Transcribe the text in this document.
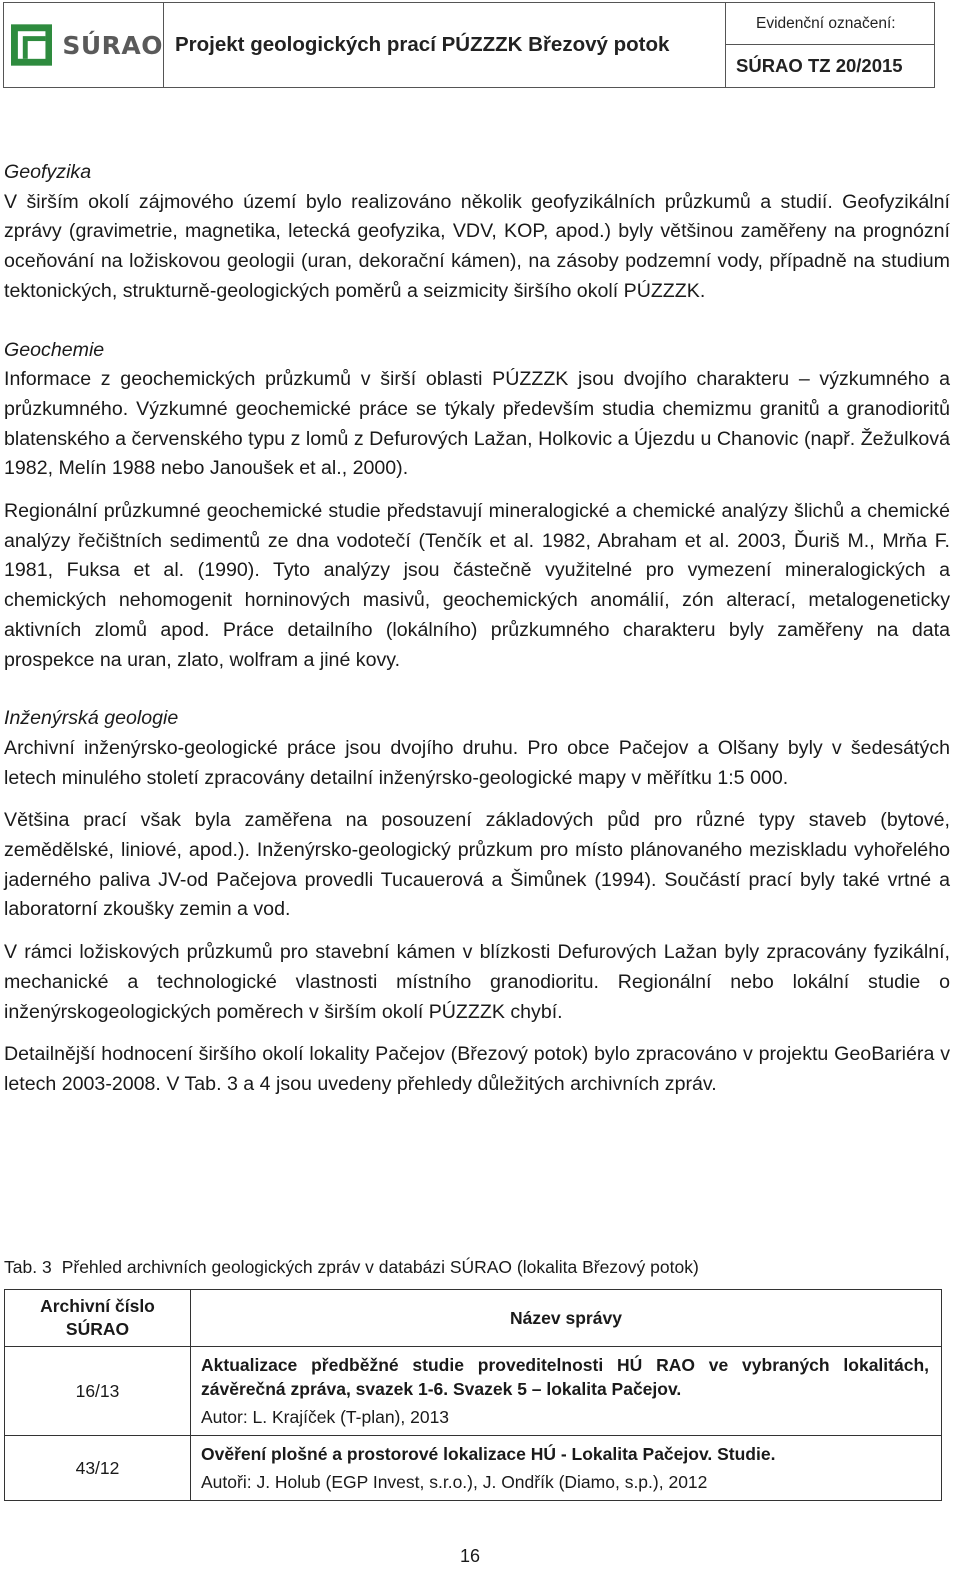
SÚRAO Projekt geologických prací PÚZZZK Březový potok
Evidenční označení:
SÚRAO TZ 20/2015
Geofyzika

V širším okolí zájmového území bylo realizováno několik geofyzikálních průzkumů a studií. Geofyzikální zprávy (gravimetrie, magnetika, letecká geofyzika, VDV, KOP, apod.) byly většinou zaměřeny na prognózní oceňování na ložiskovou geologii (uran, dekorační kámen), na zásoby podzemní vody, případně na studium tektonických, strukturně-geologických poměrů a seizmicity širšího okolí PÚZZZK.

Geochemie

Informace z geochemických průzkumů v širší oblasti PÚZZZK jsou dvojího charakteru – výzkumného a průzkumného. Výzkumné geochemické práce se týkaly především studia chemizmu granitů a granodioritů blatenského a červenského typu z lomů z Defurových Lažan, Holkovic a Újezdu u Chanovic (např. Žežulková 1982, Melín 1988 nebo Janoušek et al., 2000).

Regionální průzkumné geochemické studie představují mineralogické a chemické analýzy šlichů a chemické analýzy řečištních sedimentů ze dna vodotečí (Tenčík et al. 1982, Abraham et al. 2003, Ďuriš M., Mrňa F. 1981, Fuksa et al. (1990). Tyto analýzy jsou částečně využitelné pro vymezení mineralogických a chemických nehomogenit horninových masivů, geochemických anomálií, zón alterací, metalogeneticky aktivních zlomů apod. Práce detailního (lokálního) průzkumného charakteru byly zaměřeny na data prospekce na uran, zlato, wolfram a jiné kovy.

Inženýrská geologie

Archivní inženýrsko-geologické práce jsou dvojího druhu. Pro obce Pačejov a Olšany byly v šedesátých letech minulého století zpracovány detailní inženýrsko-geologické mapy v měřítku 1:5 000.

Většina prací však byla zaměřena na posouzení základových půd pro různé typy staveb (bytové, zemědělské, liniové, apod.). Inženýrsko-geologický průzkum pro místo plánovaného meziskladu vyhořelého jaderného paliva JV-od Pačejova provedli Tucauerová a Šimůnek (1994). Součástí prací byly také vrtné a laboratorní zkoušky zemin a vod.

V rámci ložiskových průzkumů pro stavební kámen v blízkosti Defurových Lažan byly zpracovány fyzikální, mechanické a technologické vlastnosti místního granodioritu. Regionální nebo lokální studie o inženýrskogeologických poměrech v širším okolí PÚZZZK chybí.

Detailnější hodnocení širšího okolí lokality Pačejov (Březový potok) bylo zpracováno v projektu GeoBariéra v letech 2003-2008. V Tab. 3 a 4 jsou uvedeny přehledy důležitých archivních zpráv.

Tab. 3 Přehled archivních geologických zpráv v databázi SÚRAO (lokalita Březový potok)
Archivní číslo SÚRAO	Název správy
16/13	Aktualizace předběžné studie proveditelnosti HÚ RAO ve vybraných lokalitách, závěrečná zpráva, svazek 1-6. Svazek 5 – lokalita Pačejov.
Autor: L. Krajíček (T-plan), 2013

43/12	Ověření plošné a prostorové lokalizace HÚ - Lokalita Pačejov. Studie.
Autoři: J. Holub (EGP Invest, s.r.o.), J. Ondřík (Diamo, s.p.), 2012
16
